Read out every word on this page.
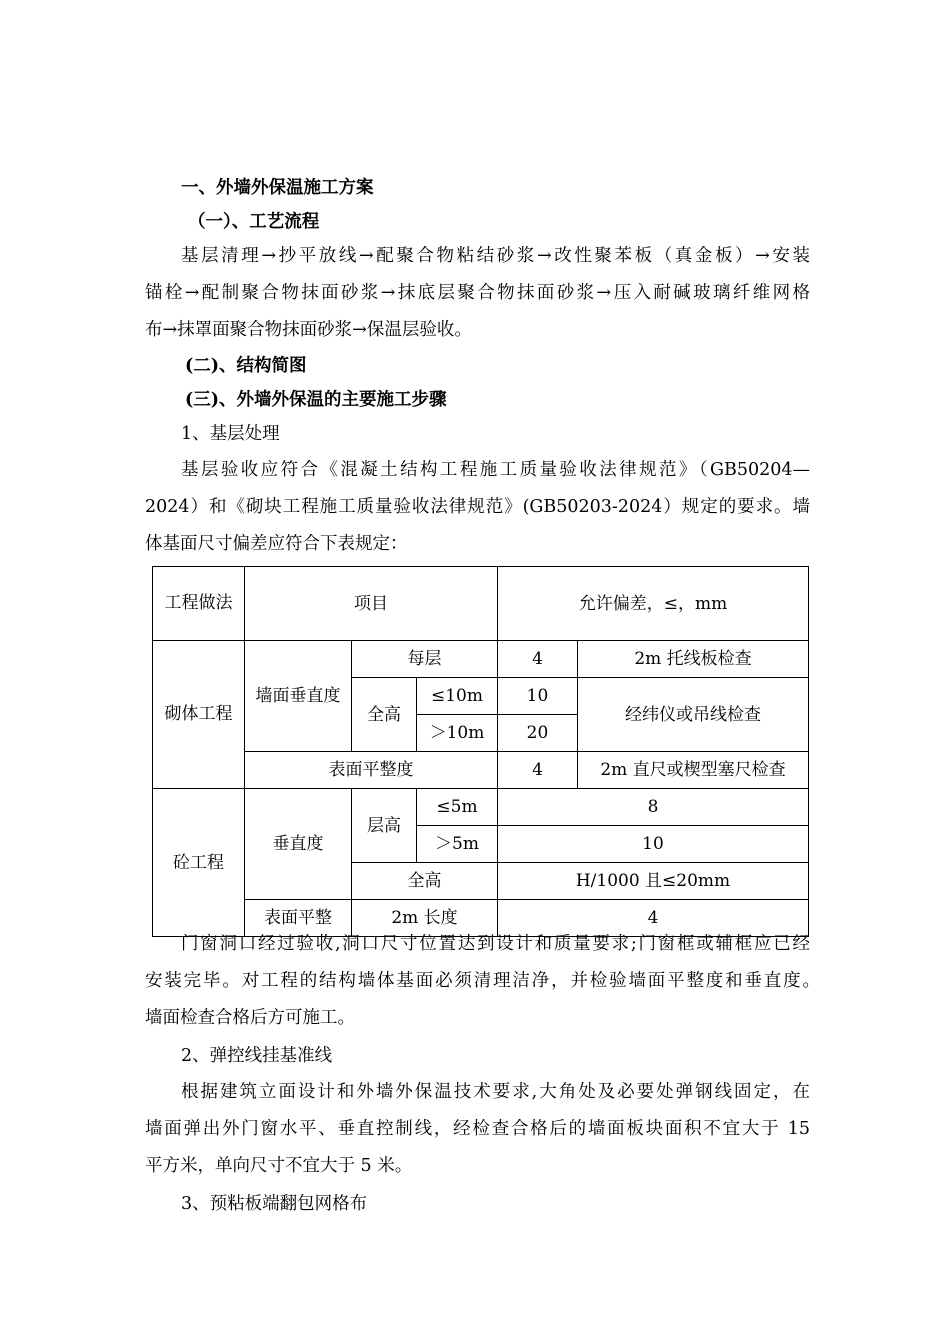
一、外墙外保温施工方案
（一）、工艺流程
基层清理→抄平放线→配聚合物粘结砂浆→改性聚苯板（真金板）→安装
锚栓→配制聚合物抹面砂浆→抹底层聚合物抹面砂浆→压入耐碱玻璃纤维网格
布→抹罩面聚合物抹面砂浆→保温层验收。
(二)、结构简图
(三)、外墙外保温的主要施工步骤
1、基层处理
基层验收应符合《混凝土结构工程施工质量验收法律规范》（GB50204—
2024）和《砌块工程施工质量验收法律规范》(GB50203-2024）规定的要求。墙
体基面尺寸偏差应符合下表规定：
工程做法	项目			允许偏差，≤，mm	
砌体工程	墙面垂直度	每层		4	2m 托线板检查
		全高	≤10m	10	经纬仪或吊线检查
			＞10m	20	
	表面平整度			4	2m 直尺或楔型塞尺检查
砼工程	垂直度	层高	≤5m	8	
			＞5m	10	
		全高		H/1000 且≤20mm	
	表面平整	2m 长度		4	
门窗洞口经过验收,洞口尺寸位置达到设计和质量要求;门窗框或辅框应已经
安装完毕。对工程的结构墙体基面必须清理洁净，并检验墙面平整度和垂直度。
墙面检查合格后方可施工。
2、弹控线挂基准线
根据建筑立面设计和外墙外保温技术要求,大角处及必要处弹钢线固定，在
墙面弹出外门窗水平、垂直控制线，经检查合格后的墙面板块面积不宜大于 15
平方米，单向尺寸不宜大于 5 米。
3、预粘板端翻包网格布
